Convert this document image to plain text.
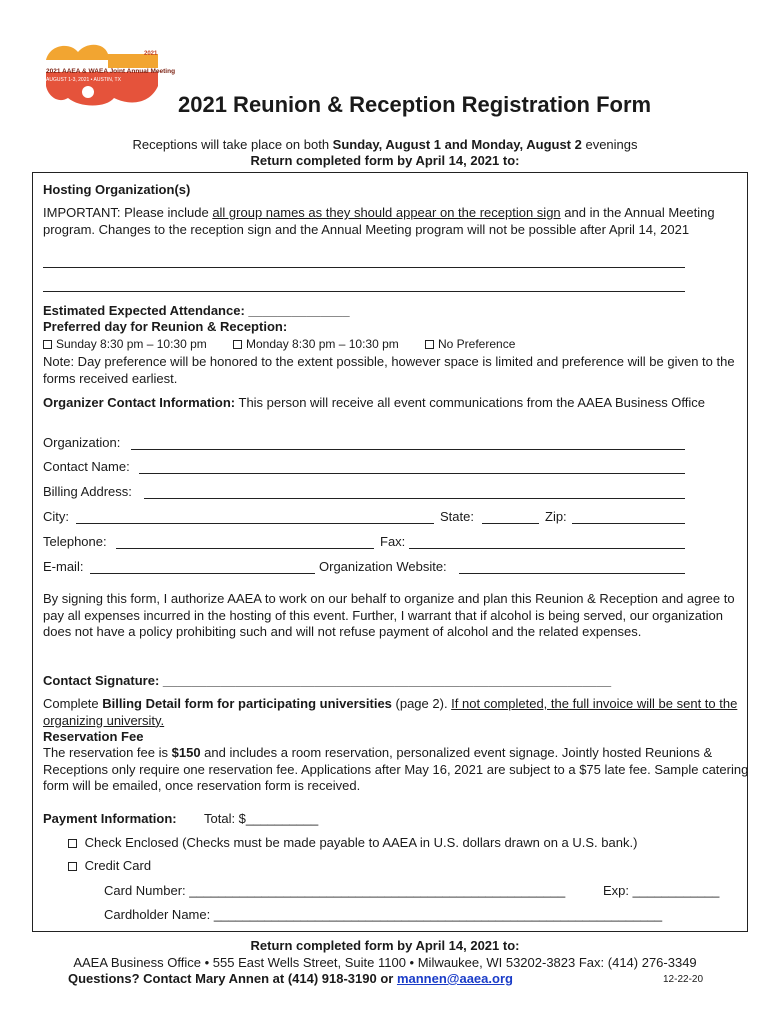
2021
2021 AAEA & WAEA Joint Annual Meeting
AUGUST 1-3, 2021 • AUSTIN, TX
2021 Reunion & Reception Registration Form
Receptions will take place on both Sunday, August 1 and Monday, August 2 evenings
Return completed form by April 14, 2021 to:
Hosting Organization(s)
IMPORTANT: Please include all group names as they should appear on the reception sign and in the Annual Meeting program. Changes to the reception sign and the Annual Meeting program will not be possible after April 14, 2021
Estimated Expected Attendance: ______________
Preferred day for Reunion & Reception:
Sunday 8:30 pm – 10:30 pm	Monday 8:30 pm – 10:30 pm	No Preference
Note: Day preference will be honored to the extent possible, however space is limited and preference will be given to the forms received earliest.
Organizer Contact Information: This person will receive all event communications from the AAEA Business Office
Organization:
Contact Name:
Billing Address:
City:	State:	Zip:
Telephone:	Fax:
E-mail:	Organization Website:
By signing this form, I authorize AAEA to work on our behalf to organize and plan this Reunion & Reception and agree to pay all expenses incurred in the hosting of this event. Further, I warrant that if alcohol is being served, our organization does not have a policy prohibiting such and will not refuse payment of alcohol and the related expenses.
Contact Signature: ______________________________________________________________
Complete Billing Detail form for participating universities (page 2). If not completed, the full invoice will be sent to the organizing university.
Reservation Fee
The reservation fee is $150 and includes a room reservation, personalized event signage. Jointly hosted Reunions & Receptions only require one reservation fee. Applications after May 16, 2021 are subject to a $75 late fee. Sample catering form will be emailed, once reservation form is received.
Payment Information: Total: $__________
Check Enclosed (Checks must be made payable to AAEA in U.S. dollars drawn on a U.S. bank.)
Credit Card
Card Number: ____________________________________________________	Exp: ____________
Cardholder Name: ______________________________________________________________
Return completed form by April 14, 2021 to:
AAEA Business Office • 555 East Wells Street, Suite 1100 • Milwaukee, WI 53202-3823 Fax: (414) 276-3349
Questions? Contact Mary Annen at (414) 918-3190 or mannen@aaea.org	12-22-20
